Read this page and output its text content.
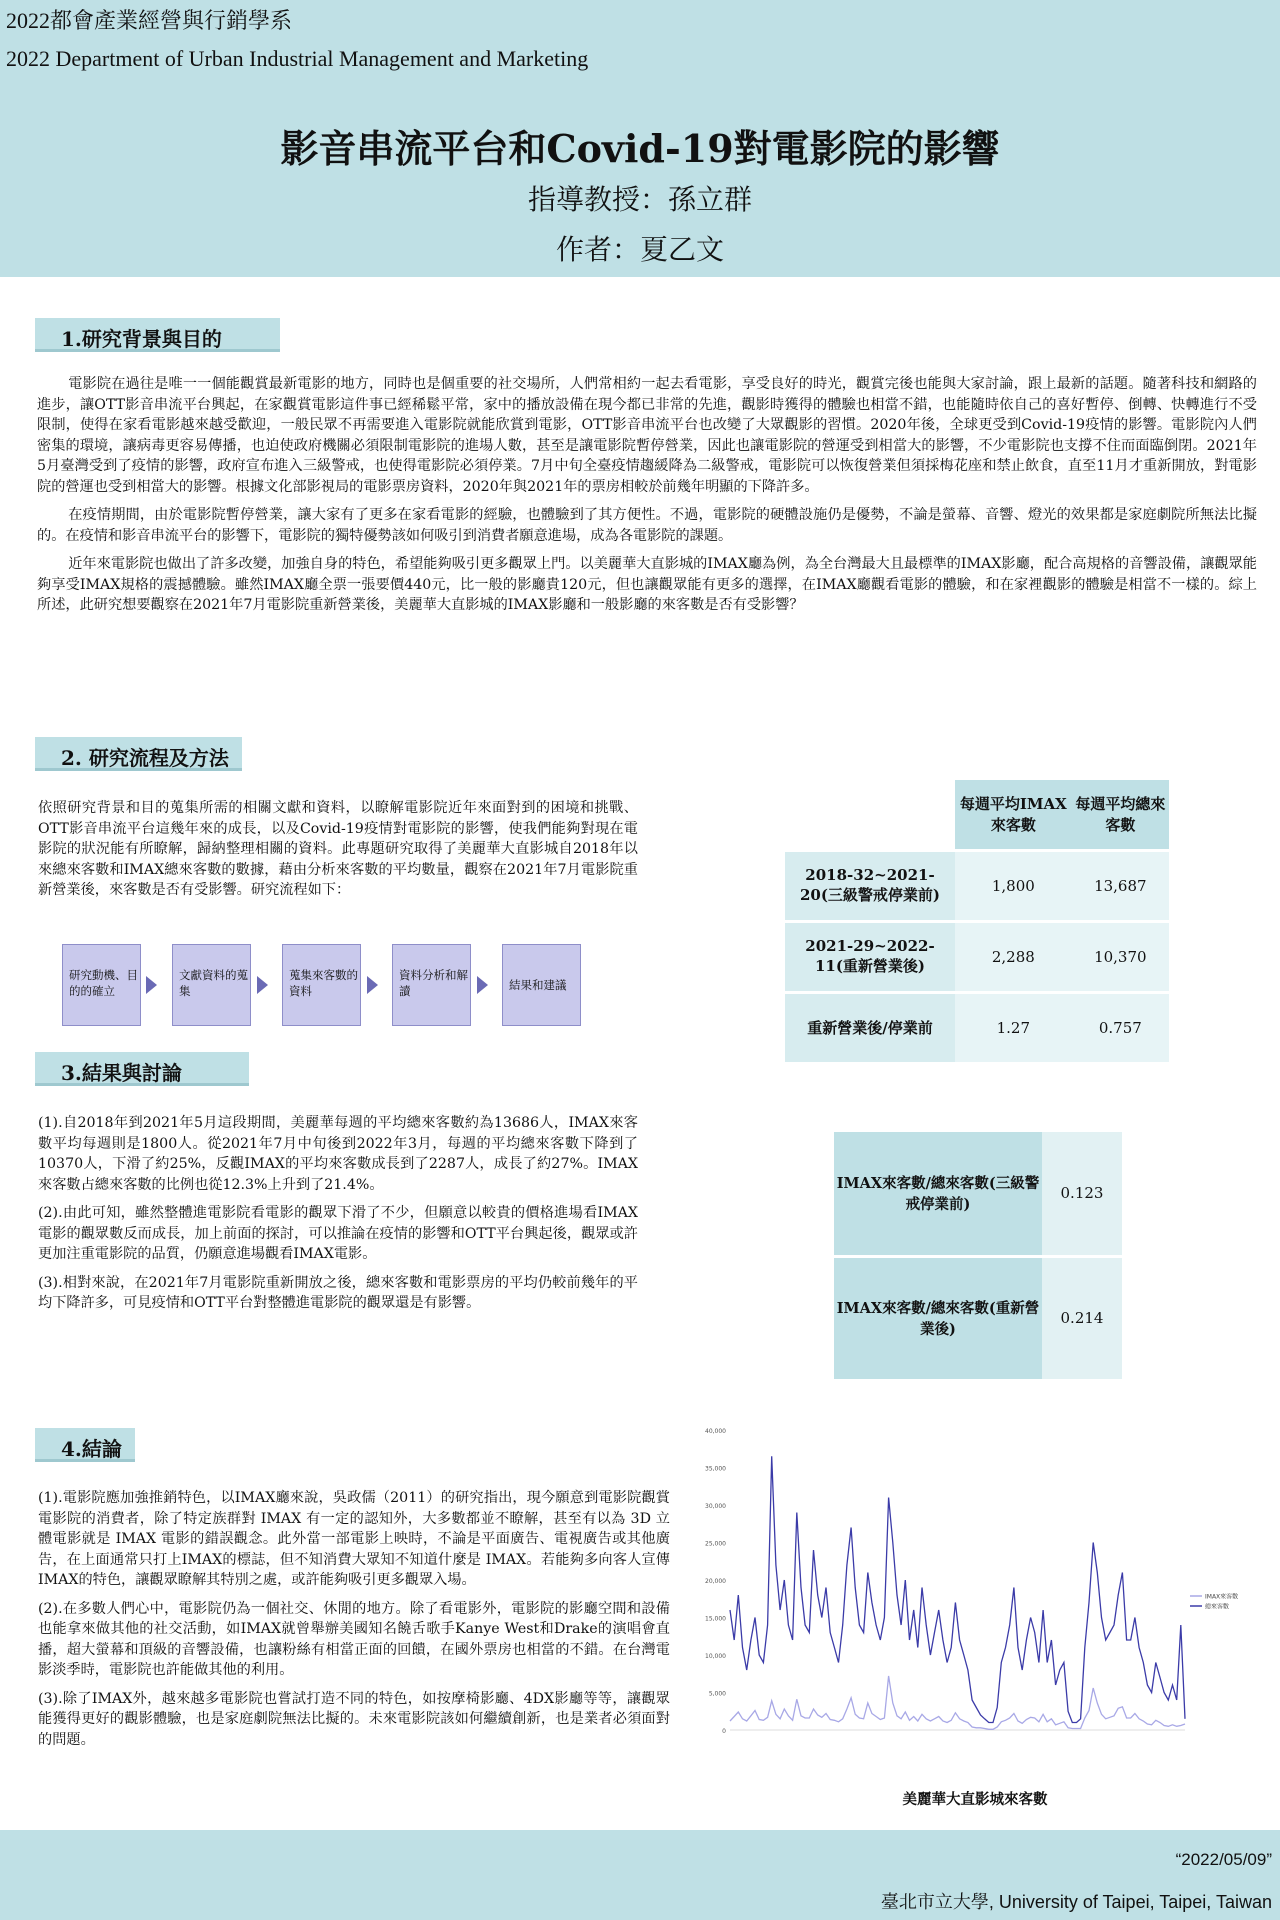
2022都會產業經營與行銷學系
2022 Department of Urban Industrial Management and Marketing
影音串流平台和Covid-19對電影院的影響
指導教授：孫立群
作者：夏乙文
1.研究背景與目的

電影院在過往是唯一一個能觀賞最新電影的地方，同時也是個重要的社交場所，人們常相約一起去看電影，享受良好的時光，觀賞完後也能與大家討論，跟上最新的話題。隨著科技和網路的進步，讓OTT影音串流平台興起，在家觀賞電影這件事已經稀鬆平常，家中的播放設備在現今都已非常的先進，觀影時獲得的體驗也相當不錯，也能隨時依自己的喜好暫停、倒轉、快轉進行不受限制，使得在家看電影越來越受歡迎，一般民眾不再需要進入電影院就能欣賞到電影，OTT影音串流平台也改變了大眾觀影的習慣。2020年後，全球更受到Covid-19疫情的影響。電影院內人們密集的環境，讓病毒更容易傳播，也迫使政府機關必須限制電影院的進場人數，甚至是讓電影院暫停營業，因此也讓電影院的營運受到相當大的影響，不少電影院也支撐不住而面臨倒閉。2021年5月臺灣受到了疫情的影響，政府宣布進入三級警戒，也使得電影院必須停業。7月中旬全臺疫情趨緩降為二級警戒，電影院可以恢復營業但須採梅花座和禁止飲食，直至11月才重新開放，對電影院的營運也受到相當大的影響。根據文化部影視局的電影票房資料，2020年與2021年的票房相較於前幾年明顯的下降許多。

在疫情期間，由於電影院暫停營業，讓大家有了更多在家看電影的經驗，也體驗到了其方便性。不過，電影院的硬體設施仍是優勢，不論是螢幕、音響、燈光的效果都是家庭劇院所無法比擬的。在疫情和影音串流平台的影響下，電影院的獨特優勢該如何吸引到消費者願意進場，成為各電影院的課題。

近年來電影院也做出了許多改變，加強自身的特色，希望能夠吸引更多觀眾上門。以美麗華大直影城的IMAX廳為例，為全台灣最大且最標準的IMAX影廳，配合高規格的音響設備，讓觀眾能夠享受IMAX規格的震撼體驗。雖然IMAX廳全票一張要價440元，比一般的影廳貴120元，但也讓觀眾能有更多的選擇，在IMAX廳觀看電影的體驗，和在家裡觀影的體驗是相當不一樣的。綜上所述，此研究想要觀察在2021年7月電影院重新營業後，美麗華大直影城的IMAX影廳和一般影廳的來客數是否有受影響？

2. 研究流程及方法

依照研究背景和目的蒐集所需的相關文獻和資料，以瞭解電影院近年來面對到的困境和挑戰、OTT影音串流平台這幾年來的成長，以及Covid-19疫情對電影院的影響，使我們能夠對現在電影院的狀況能有所瞭解，歸納整理相關的資料。此專題研究取得了美麗華大直影城自2018年以來總來客數和IMAX總來客數的數據，藉由分析來客數的平均數量，觀察在2021年7月電影院重新營業後，來客數是否有受影響。研究流程如下：

研究動機、目的的確立
文獻資料的蒐集
蒐集來客數的資料
資料分析和解讀	結果和建議
	每週平均IMAX來客數	每週平均總來客數
2018-32~2021-20(三級警戒停業前)	1,800	13,687
2021-29~2022-11(重新營業後)	2,288	10,370
重新營業後/停業前	1.27	0.757
3.結果與討論

(1).自2018年到2021年5月這段期間，美麗華每週的平均總來客數約為13686人，IMAX來客數平均每週則是1800人。從2021年7月中旬後到2022年3月，每週的平均總來客數下降到了10370人，下滑了約25%，反觀IMAX的平均來客數成長到了2287人，成長了約27%。IMAX來客數占總來客數的比例也從12.3%上升到了21.4%。

(2).由此可知，雖然整體進電影院看電影的觀眾下滑了不少，但願意以較貴的價格進場看IMAX電影的觀眾數反而成長，加上前面的探討，可以推論在疫情的影響和OTT平台興起後，觀眾或許更加注重電影院的品質，仍願意進場觀看IMAX電影。

(3).相對來說，在2021年7月電影院重新開放之後，總來客數和電影票房的平均仍較前幾年的平均下降許多，可見疫情和OTT平台對整體進電影院的觀眾還是有影響。

IMAX來客數/總來客數(三級警戒停業前)	0.123
IMAX來客數/總來客數(重新營業後)	0.214
4.結論

(1).電影院應加強推銷特色，以IMAX廳來說，吳政儒（2011）的研究指出，現今願意到電影院觀賞電影院的消費者，除了特定族群對 IMAX 有一定的認知外，大多數都並不瞭解，甚至有以為 3D 立體電影就是 IMAX 電影的錯誤觀念。此外當一部電影上映時，不論是平面廣告、電視廣告或其他廣告，在上面通常只打上IMAX的標誌，但不知消費大眾知不知道什麼是 IMAX。若能夠多向客人宣傳IMAX的特色，讓觀眾瞭解其特別之處，或許能夠吸引更多觀眾入場。

(2).在多數人們心中，電影院仍為一個社交、休閒的地方。除了看電影外，電影院的影廳空間和設備也能拿來做其他的社交活動，如IMAX就曾舉辦美國知名饒舌歌手Kanye West和Drake的演唱會直播，超大螢幕和頂級的音響設備，也讓粉絲有相當正面的回饋，在國外票房也相當的不錯。在台灣電影淡季時，電影院也許能做其他的利用。

(3).除了IMAX外，越來越多電影院也嘗試打造不同的特色，如按摩椅影廳、4DX影廳等等，讓觀眾能獲得更好的觀影體驗，也是家庭劇院無法比擬的。未來電影院該如何繼續創新，也是業者必須面對的問題。	0
5,000
10,000
15,000
20,000
25,000
30,000
35,000
40,000
IMAX來客數
總來客數
美麗華大直影城來客數
“2022/05/09”
臺北市立大學, University of Taipei, Taipei, Taiwan
